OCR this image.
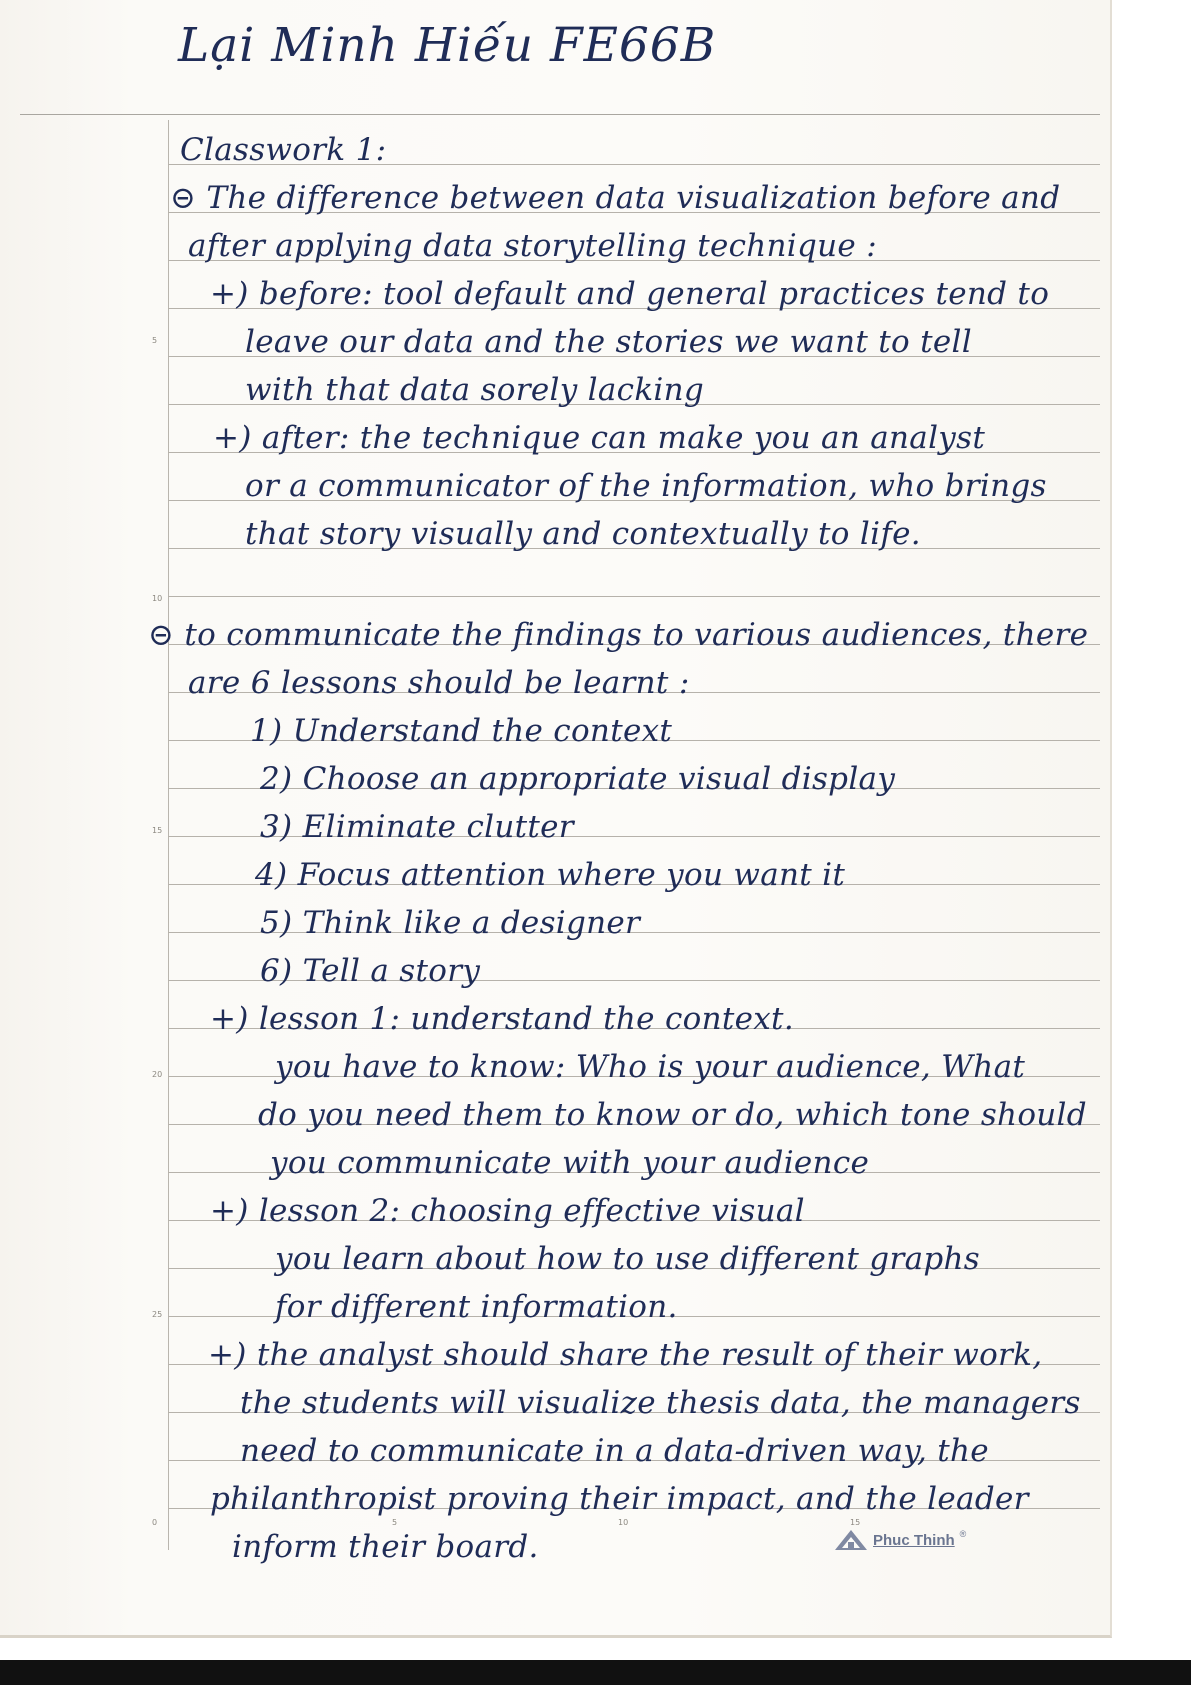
5
10
15
20
25
0	5	10	15
Lại Minh Hiếu FE66B
Classwork 1:
⊝ The difference between data visualization before and
after applying data storytelling technique :
+) before: tool default and general practices tend to
leave our data and the stories we want to tell
with that data sorely lacking
+) after: the technique can make you an analyst
or a communicator of the information, who brings
that story visually and contextually to life.
⊝ to communicate the findings to various audiences, there
are 6 lessons should be learnt :
1) Understand the context
2) Choose an appropriate visual display
3) Eliminate clutter
4) Focus attention where you want it
5) Think like a designer
6) Tell a story
+) lesson 1: understand the context.
you have to know: Who is your audience, What
do you need them to know or do, which tone should
you communicate with your audience
+) lesson 2: choosing effective visual
you learn about how to use different graphs
for different information.
+) the analyst should share the result of their work,
the students will visualize thesis data, the managers
need to communicate in a data-driven way, the
philanthropist proving their impact, and the leader
inform their board.	Phuc Thinh ®
